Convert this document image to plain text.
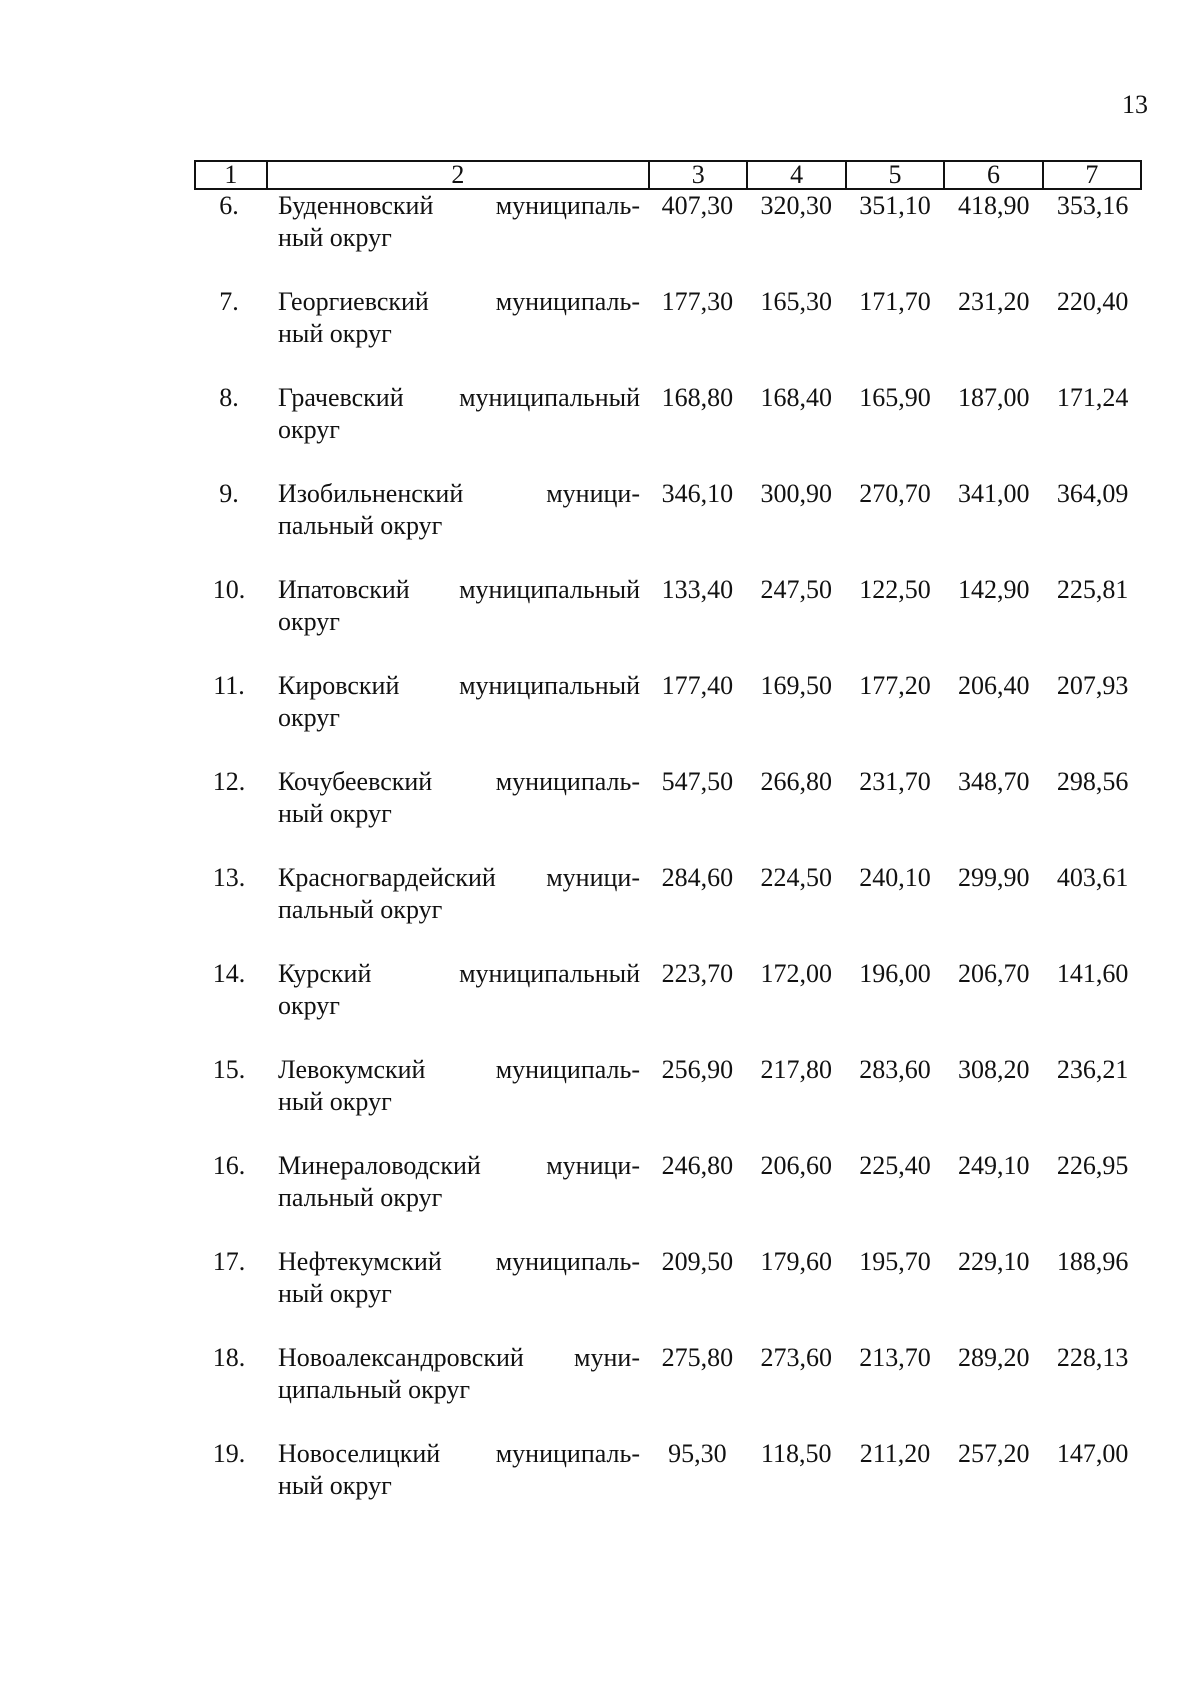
13
1	2	3	4	5	6	7
6.	Буденновский муниципаль-
ный округ
407,30	320,30	351,10	418,90	353,16
7.	Георгиевский муниципаль-
ный округ
177,30	165,30	171,70	231,20	220,40
8.	Грачевский муниципальный
округ
168,80	168,40	165,90	187,00	171,24
9.	Изобильненский муници-
пальный округ
346,10	300,90	270,70	341,00	364,09
10.	Ипатовский муниципальный
округ
133,40	247,50	122,50	142,90	225,81
11.	Кировский муниципальный
округ
177,40	169,50	177,20	206,40	207,93
12.	Кочубеевский муниципаль-
ный округ
547,50	266,80	231,70	348,70	298,56
13.	Красногвардейский муници-
пальный округ
284,60	224,50	240,10	299,90	403,61
14.	Курский муниципальный
округ
223,70	172,00	196,00	206,70	141,60
15.	Левокумский муниципаль-
ный округ
256,90	217,80	283,60	308,20	236,21
16.	Минераловодский муници-
пальный округ
246,80	206,60	225,40	249,10	226,95
17.	Нефтекумский муниципаль-
ный округ
209,50	179,60	195,70	229,10	188,96
18.	Новоалександровский муни-
ципальный округ
275,80	273,60	213,70	289,20	228,13
19.	Новоселицкий муниципаль-
ный округ
95,30	118,50	211,20	257,20	147,00
